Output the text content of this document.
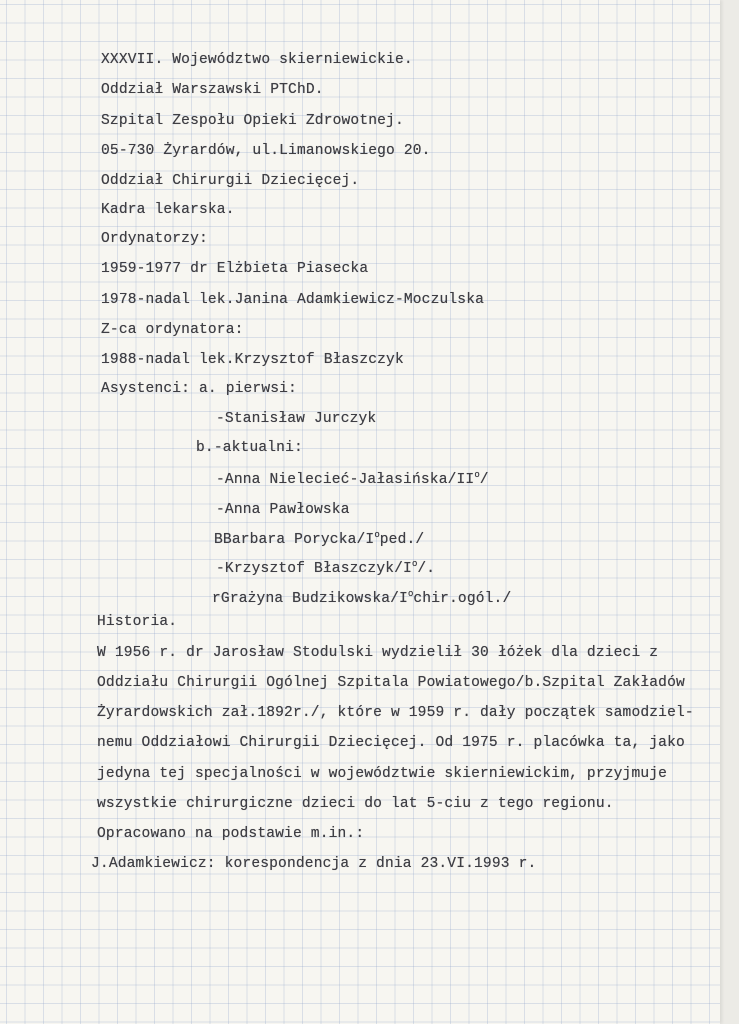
XXXVII. Województwo skierniewickie.
Oddział Warszawski PTChD.
Szpital Zespołu Opieki Zdrowotnej.
05-730 Żyrardów, ul.Limanowskiego 20.
Oddział Chirurgii Dziecięcej.
Kadra lekarska.
Ordynatorzy:
1959-1977 dr Elżbieta Piasecka
1978-nadal lek.Janina Adamkiewicz-Moczulska
Z-ca ordynatora:
1988-nadal lek.Krzysztof Błaszczyk
Asystenci: a. pierwsi:
-Stanisław Jurczyk
b.-aktualni:
-Anna Nielecieć-$Jałasińska/II^o/$
-Anna Pawłowska
BBarbara Porycka/$I^oped./$
-Krzysztof Błaszczyk/$I^o/$.
rGrażyna Budzikowska/$I^ochir.ogól./$
Historia.
W 1956 r. dr Jarosław Stodulski wydzielił 30 łóżek dla dzieci z
Oddziału Chirurgii Ogólnej Szpitala Powiatowego/b.Szpital Zakładów
Żyrardowskich zał.1892r./, które w 1959 r. dały początek samodziel-
nemu Oddziałowi Chirurgii Dziecięcej. Od 1975 r. placówka ta, jako
jedyna tej specjalności w województwie skierniewickim, przyjmuje
wszystkie chirurgiczne dzieci do lat 5-ciu z tego regionu.
Opracowano na podstawie m.in.:
J.Adamkiewicz: korespondencja z dnia 23.VI.1993 r.
